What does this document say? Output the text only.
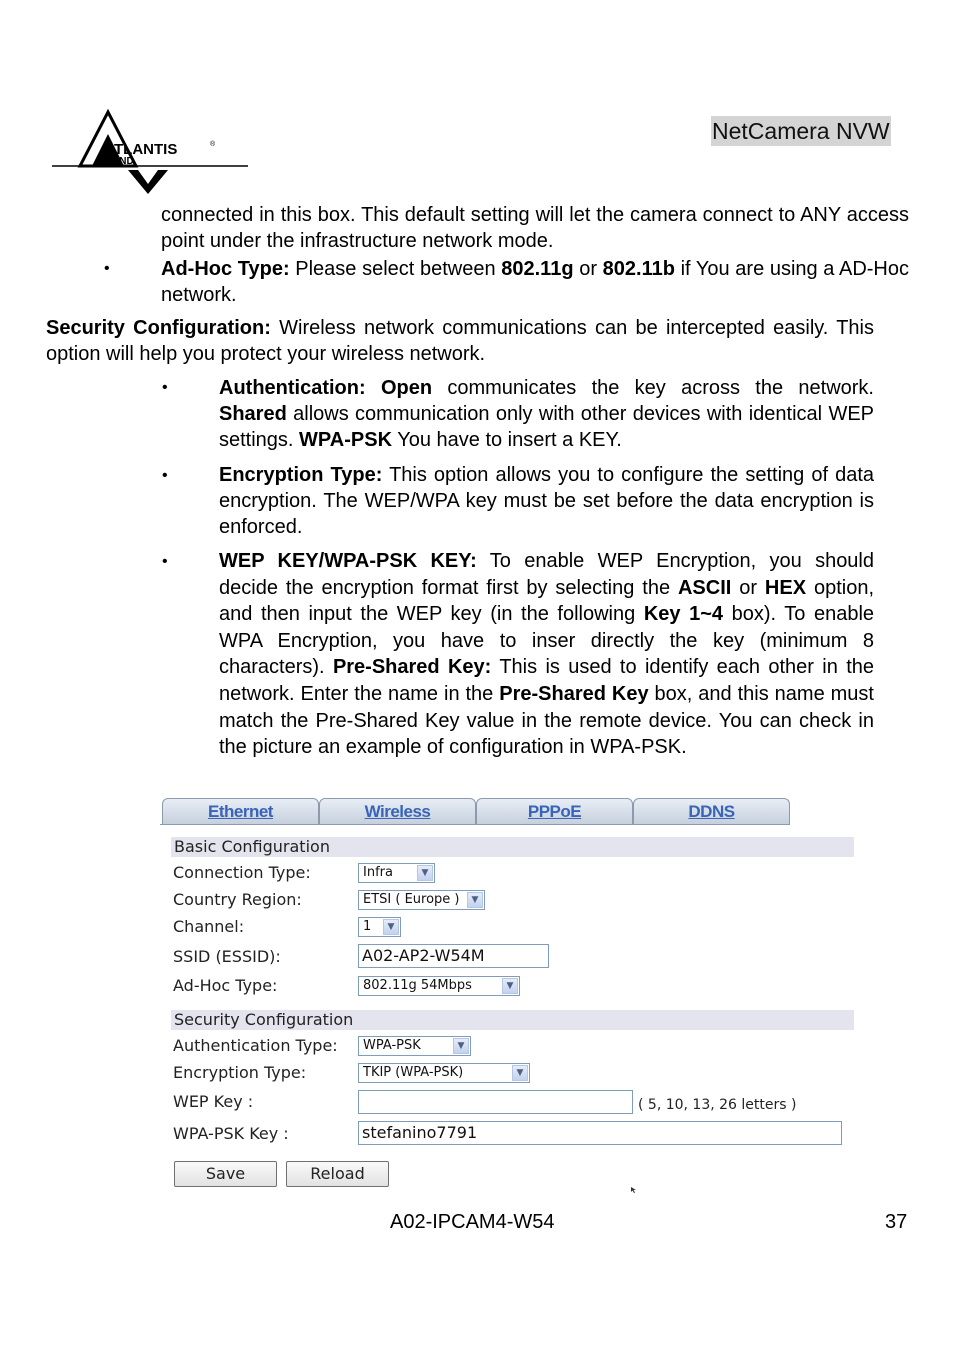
TLANTIS
AND
®
NetCamera NVW

connected in this box. This default setting will let the camera connect to ANY access point under the infrastructure network mode.

•	Ad-Hoc Type: Please select between 802.11g or 802.11b if You are using a AD-Hoc network.

Security Configuration: Wireless network communications can be intercepted easily. This option will help you protect your wireless network.

•	Authentication: Open communicates the key across the network. Shared allows communication only with other devices with identical WEP settings. WPA-PSK You have to insert a KEY.

•	Encryption Type: This option allows you to configure the setting of data encryption. The WEP/WPA key must be set before the data encryption is enforced.

•	WEP KEY/WPA-PSK KEY: To enable WEP Encryption, you should decide the encryption format first by selecting the ASCII or HEX option, and then input the WEP key (in the following Key 1~4 box). To enable WPA Encryption, you have to inser directly the key (minimum 8 characters). Pre-Shared Key: This is used to identify each other in the network. Enter the name in the Pre-Shared Key box, and this name must match the Pre-Shared Key value in the remote device. You can check in the picture an example of configuration in WPA-PSK.

Ethernet	Wireless	PPPoE	DDNS
Basic Configuration
Connection Type:	Infra	▼
Country Region:	ETSI ( Europe )	▼
Channel:	1	▼
SSID (ESSID):	A02-AP2-W54M
Ad-Hoc Type:	802.11g 54Mbps	▼
Security Configuration
Authentication Type:	WPA-PSK	▼
Encryption Type:	TKIP (WPA-PSK)	▼
WEP Key :	( 5, 10, 13, 26 letters )
WPA-PSK Key :	stefanino7791
Save	Reload
A02-IPCAM4-W54	37
